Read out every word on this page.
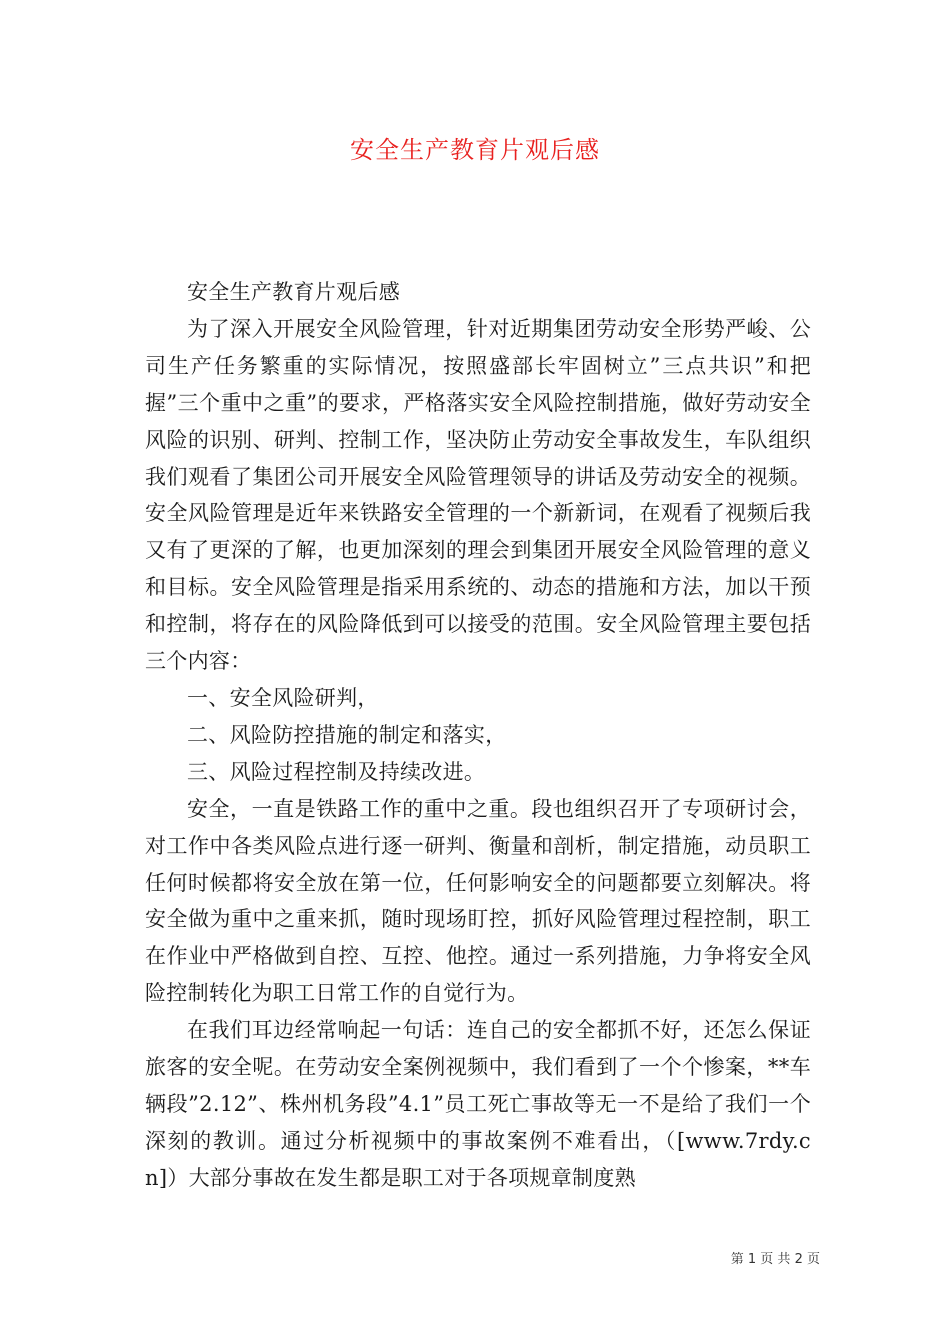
安全生产教育片观后感

安全生产教育片观后感

为了深入开展安全风险管理，针对近期集团劳动安全形势严峻、公司生产任务繁重的实际情况，按照盛部长牢固树立”三点共识”和把握”三个重中之重”的要求，严格落实安全风险控制措施，做好劳动安全风险的识别、研判、控制工作，坚决防止劳动安全事故发生，车队组织我们观看了集团公司开展安全风险管理领导的讲话及劳动安全的视频。安全风险管理是近年来铁路安全管理的一个新新词，在观看了视频后我又有了更深的了解，也更加深刻的理会到集团开展安全风险管理的意义和目标。安全风险管理是指采用系统的、动态的措施和方法，加以干预和控制，将存在的风险降低到可以接受的范围。安全风险管理主要包括三个内容：

一、安全风险研判，

二、风险防控措施的制定和落实，

三、风险过程控制及持续改进。

安全，一直是铁路工作的重中之重。段也组织召开了专项研讨会，对工作中各类风险点进行逐一研判、衡量和剖析，制定措施，动员职工任何时候都将安全放在第一位，任何影响安全的问题都要立刻解决。将安全做为重中之重来抓，随时现场盯控，抓好风险管理过程控制，职工在作业中严格做到自控、互控、他控。通过一系列措施，力争将安全风险控制转化为职工日常工作的自觉行为。

在我们耳边经常响起一句话：连自己的安全都抓不好，还怎么保证旅客的安全呢。在劳动安全案例视频中，我们看到了一个个惨案，**车辆段”2.12”、株州机务段”4.1”员工死亡事故等无一不是给了我们一个深刻的教训。通过分析视频中的事故案例不难看出，（[www.7rdy.cn]）大部分事故在发生都是职工对于各项规章制度熟

第 1 页 共 2 页
